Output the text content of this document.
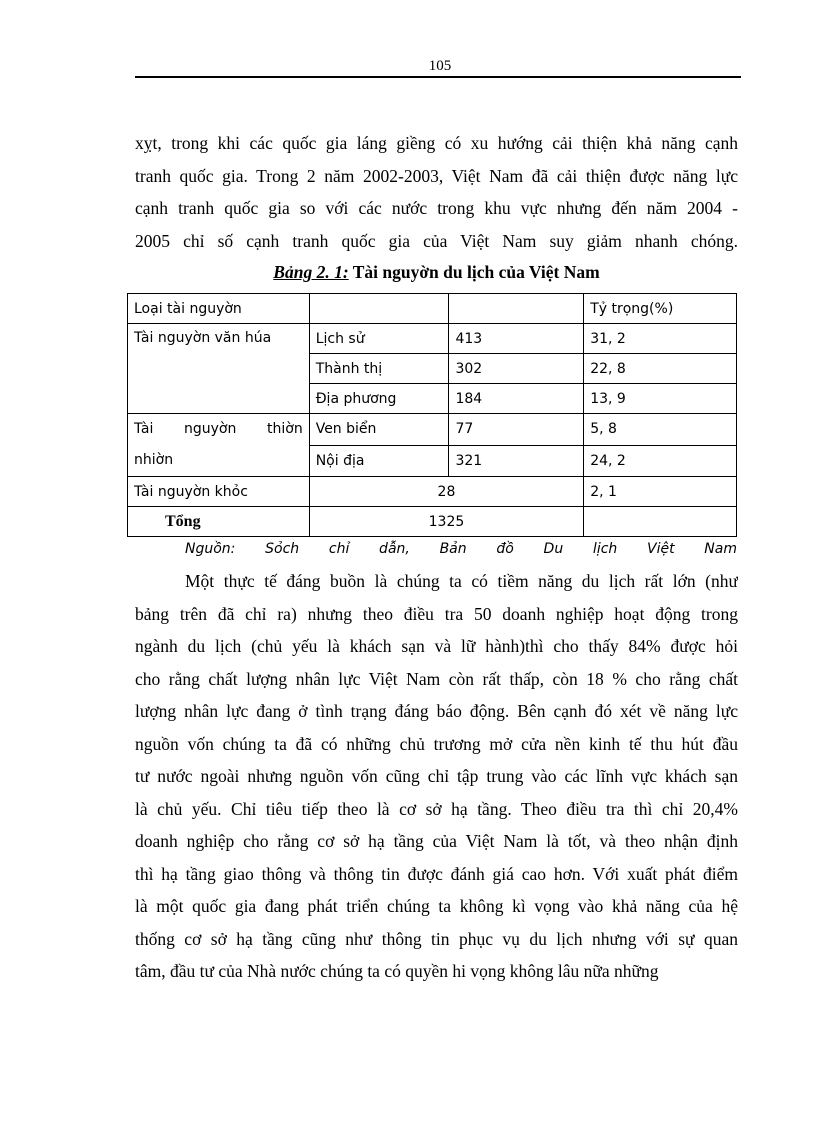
105
xỵt, trong khi các quốc gia láng giềng có xu hướng cải thiện khả năng cạnh
tranh quốc gia. Trong 2 năm 2002-2003, Việt Nam đã cải thiện được năng lực
cạnh tranh quốc gia so với các nước trong khu vực nhưng đến năm 2004 -
2005 chỉ số cạnh tranh quốc gia của Việt Nam suy giảm nhanh chóng.
Bảng 2. 1: Tài nguyờn du lịch của Việt Nam
Loại tài nguyờn			Tỷ trọng(%)
Tài nguyờn văn húa	Lịch sử	413	31, 2
	Thành thị	302	22, 8
	Địa phương	184	13, 9

Tài nguyờn thiờn
nhiờn	Ven biển	77	5, 8
	Nội địa	321	24, 2
Tài nguyờn khỏc	28		2, 1
Tổng	1325		
Nguồn: Sỏch chỉ dẫn, Bản đồ Du lịch Việt Nam
Một thực tế đáng buồn là chúng ta có tiềm năng du lịch rất lớn (như
bảng trên đã chỉ ra) nhưng theo điều tra 50 doanh nghiệp hoạt động trong
ngành du lịch (chủ yếu là khách sạn và lữ hành)thì cho thấy 84% được hỏi
cho rằng chất lượng nhân lực Việt Nam còn rất thấp, còn 18 % cho rằng chất
lượng nhân lực đang ở tình trạng đáng báo động. Bên cạnh đó xét về năng lực
nguồn vốn chúng ta đã có những chủ trương mở cửa nền kinh tế thu hút đầu
tư nước ngoài nhưng nguồn vốn cũng chỉ tập trung vào các lĩnh vực khách sạn
là chủ yếu. Chỉ tiêu tiếp theo là cơ sở hạ tầng. Theo điều tra thì chỉ 20,4%
doanh nghiệp cho rằng cơ sở hạ tầng của Việt Nam là tốt, và theo nhận định
thì hạ tầng giao thông và thông tin được đánh giá cao hơn. Với xuất phát điểm
là một quốc gia đang phát triển chúng ta không kì vọng vào khả năng của hệ
thống cơ sở hạ tầng cũng như thông tin phục vụ du lịch nhưng với sự quan
tâm, đầu tư của Nhà nước chúng ta có quyền hi vọng không lâu nữa những
